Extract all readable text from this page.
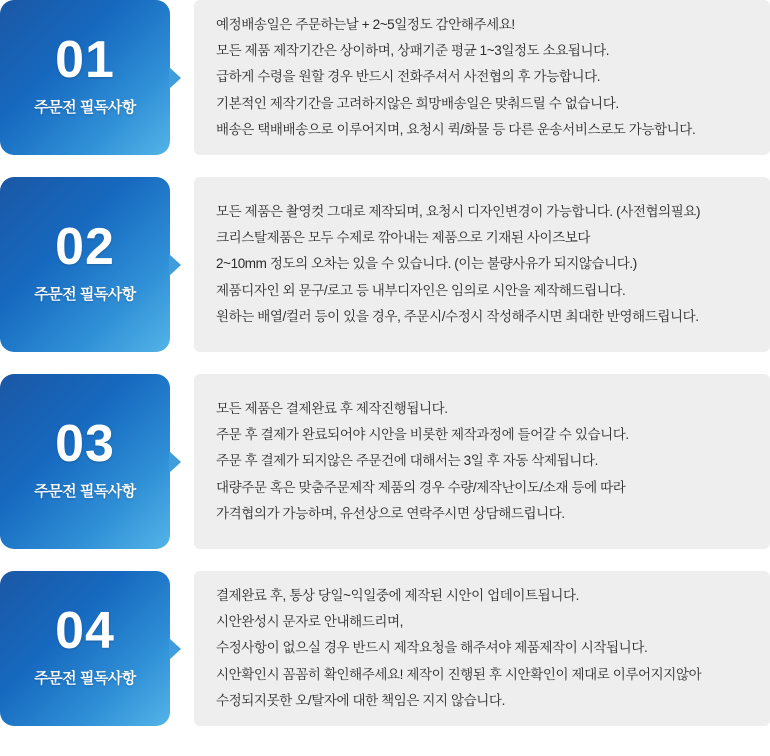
01
주문전 필독사항

예정배송일은 주문하는날 + 2~5일정도 감안해주세요!

모든 제품 제작기간은 상이하며, 상패기준 평균 1~3일정도 소요됩니다.

급하게 수령을 원할 경우 반드시 전화주셔서 사전협의 후 가능합니다.

기본적인 제작기간을 고려하지않은 희망배송일은 맞춰드릴 수 없습니다.

배송은 택배배송으로 이루어지며, 요청시 퀵/화물 등 다른 운송서비스로도 가능합니다.

02
주문전 필독사항

모든 제품은 촬영컷 그대로 제작되며, 요청시 디자인변경이 가능합니다. (사전협의필요)

크리스탈제품은 모두 수제로 깎아내는 제품으로 기재된 사이즈보다

2~10mm 정도의 오차는 있을 수 있습니다. (이는 불량사유가 되지않습니다.)

제품디자인 외 문구/로고 등 내부디자인은 임의로 시안을 제작해드립니다.

원하는 배열/컬러 등이 있을 경우, 주문시/수정시 작성해주시면 최대한 반영해드립니다.

03
주문전 필독사항

모든 제품은 결제완료 후 제작진행됩니다.

주문 후 결제가 완료되어야 시안을 비롯한 제작과정에 들어갈 수 있습니다.

주문 후 결제가 되지않은 주문건에 대해서는 3일 후 자동 삭제됩니다.

대량주문 혹은 맞춤주문제작 제품의 경우 수량/제작난이도/소재 등에 따라

가격협의가 가능하며, 유선상으로 연락주시면 상담해드립니다.

04
주문전 필독사항

결제완료 후, 통상 당일~익일중에 제작된 시안이 업데이트됩니다.

시안완성시 문자로 안내해드리며,

수정사항이 없으실 경우 반드시 제작요청을 해주셔야 제품제작이 시작됩니다.

시안확인시 꼼꼼히 확인해주세요! 제작이 진행된 후 시안확인이 제대로 이루어지지않아

수정되지못한 오/탈자에 대한 책임은 지지 않습니다.
